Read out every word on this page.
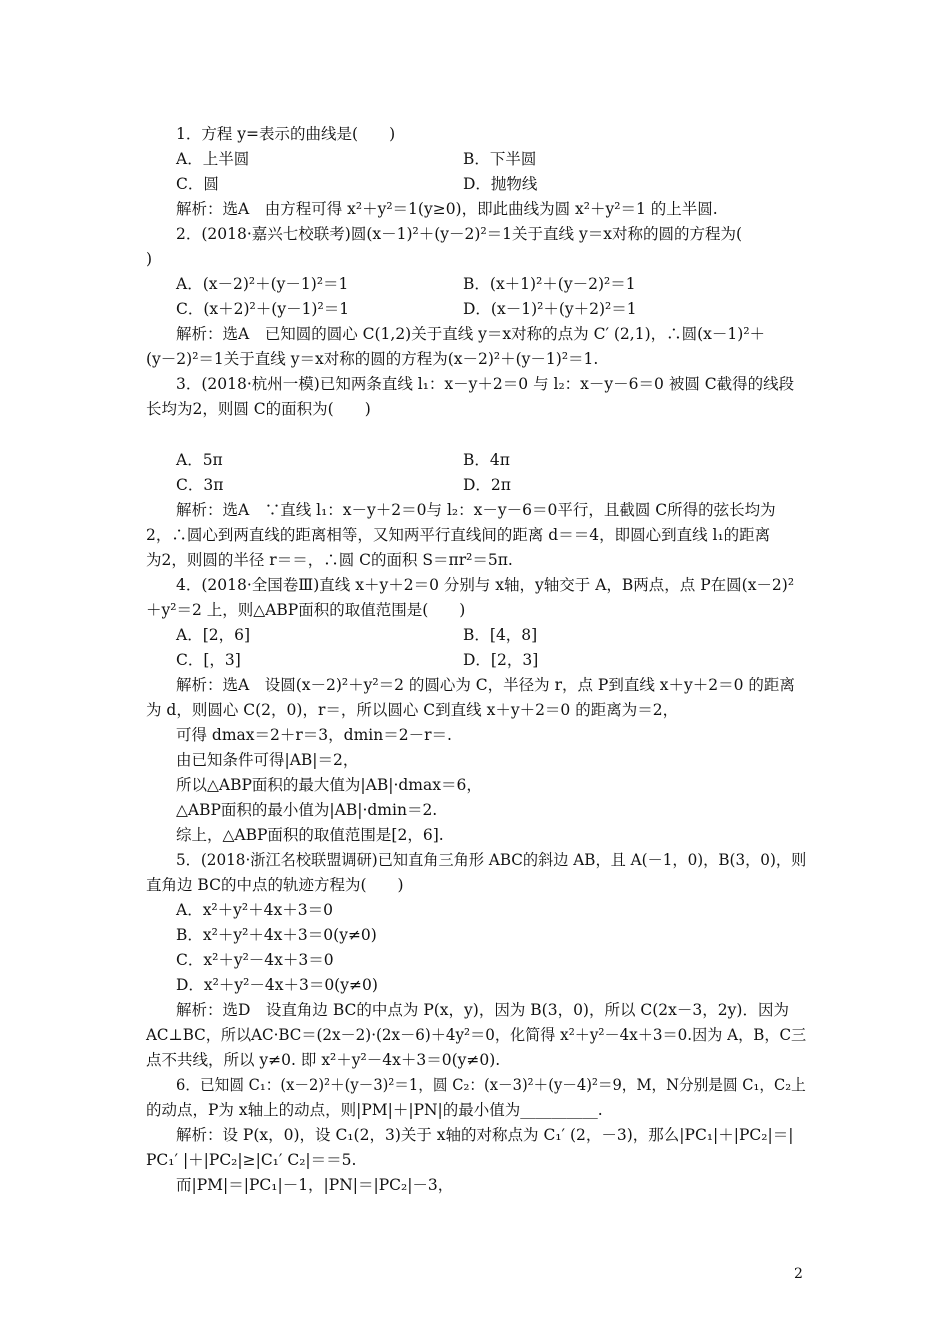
1．方程 y=表示的曲线是(　　)
A．上半圆	B．下半圆
C．圆	D．抛物线
解析：选A　由方程可得 x²＋y²＝1(y≥0)，即此曲线为圆 x²＋y²＝1 的上半圆.
2．(2018·嘉兴七校联考)圆(x－1)²＋(y－2)²＝1关于直线 y＝x对称的圆的方程为(
)
A．(x－2)²＋(y－1)²＝1	B．(x＋1)²＋(y－2)²＝1
C．(x＋2)²＋(y－1)²＝1	D．(x－1)²＋(y＋2)²＝1
解析：选A　已知圆的圆心 C(1,2)关于直线 y＝x对称的点为 C′ (2,1)，∴圆(x－1)²＋
(y－2)²＝1关于直线 y＝x对称的圆的方程为(x－2)²＋(y－1)²＝1.
3．(2018·杭州一模)已知两条直线 l₁：x－y＋2＝0 与 l₂：x－y－6＝0 被圆 C截得的线段
长均为2，则圆 C的面积为(　　)
A．5π	B．4π
C．3π	D．2π
解析：选A　∵直线 l₁：x－y＋2＝0与 l₂：x－y－6＝0平行，且截圆 C所得的弦长均为
2，∴圆心到两直线的距离相等，又知两平行直线间的距离 d＝＝4，即圆心到直线 l₁的距离
为2，则圆的半径 r＝＝，∴圆 C的面积 S＝πr²＝5π.
4．(2018·全国卷Ⅲ)直线 x＋y＋2＝0 分别与 x轴，y轴交于 A，B两点，点 P在圆(x－2)²
＋y²＝2 上，则△ABP面积的取值范围是(　　)
A．[2，6]	B．[4，8]
C．[，3]	D．[2，3]
解析：选A　设圆(x－2)²＋y²＝2 的圆心为 C，半径为 r，点 P到直线 x＋y＋2＝0 的距离
为 d，则圆心 C(2，0)，r＝，所以圆心 C到直线 x＋y＋2＝0 的距离为＝2，
可得 dmax＝2＋r＝3，dmin＝2－r＝.
由已知条件可得|AB|＝2，
所以△ABP面积的最大值为|AB|·dmax＝6，
△ABP面积的最小值为|AB|·dmin＝2.
综上，△ABP面积的取值范围是[2，6].
5．(2018·浙江名校联盟调研)已知直角三角形 ABC的斜边 AB，且 A(－1，0)，B(3，0)，则
直角边 BC的中点的轨迹方程为(　　)
A．x²＋y²＋4x＋3＝0
B．x²＋y²＋4x＋3＝0(y≠0)
C．x²＋y²－4x＋3＝0
D．x²＋y²－4x＋3＝0(y≠0)
解析：选D　设直角边 BC的中点为 P(x，y)，因为 B(3，0)，所以 C(2x－3，2y)．因为
AC⊥BC，所以AC·BC＝(2x－2)·(2x－6)＋4y²＝0，化简得 x²＋y²－4x＋3＝0.因为 A，B，C三
点不共线，所以 y≠0. 即 x²＋y²－4x＋3＝0(y≠0).
6．已知圆 C₁：(x－2)²＋(y－3)²＝1，圆 C₂：(x－3)²＋(y－4)²＝9，M，N分别是圆 C₁，C₂上
的动点，P为 x轴上的动点，则|PM|＋|PN|的最小值为__________.
解析：设 P(x，0)，设 C₁(2，3)关于 x轴的对称点为 C₁′ (2，－3)，那么|PC₁|＋|PC₂|＝|
PC₁′ |＋|PC₂|≥|C₁′ C₂|＝＝5.
而|PM|＝|PC₁|－1，|PN|＝|PC₂|－3，
2
